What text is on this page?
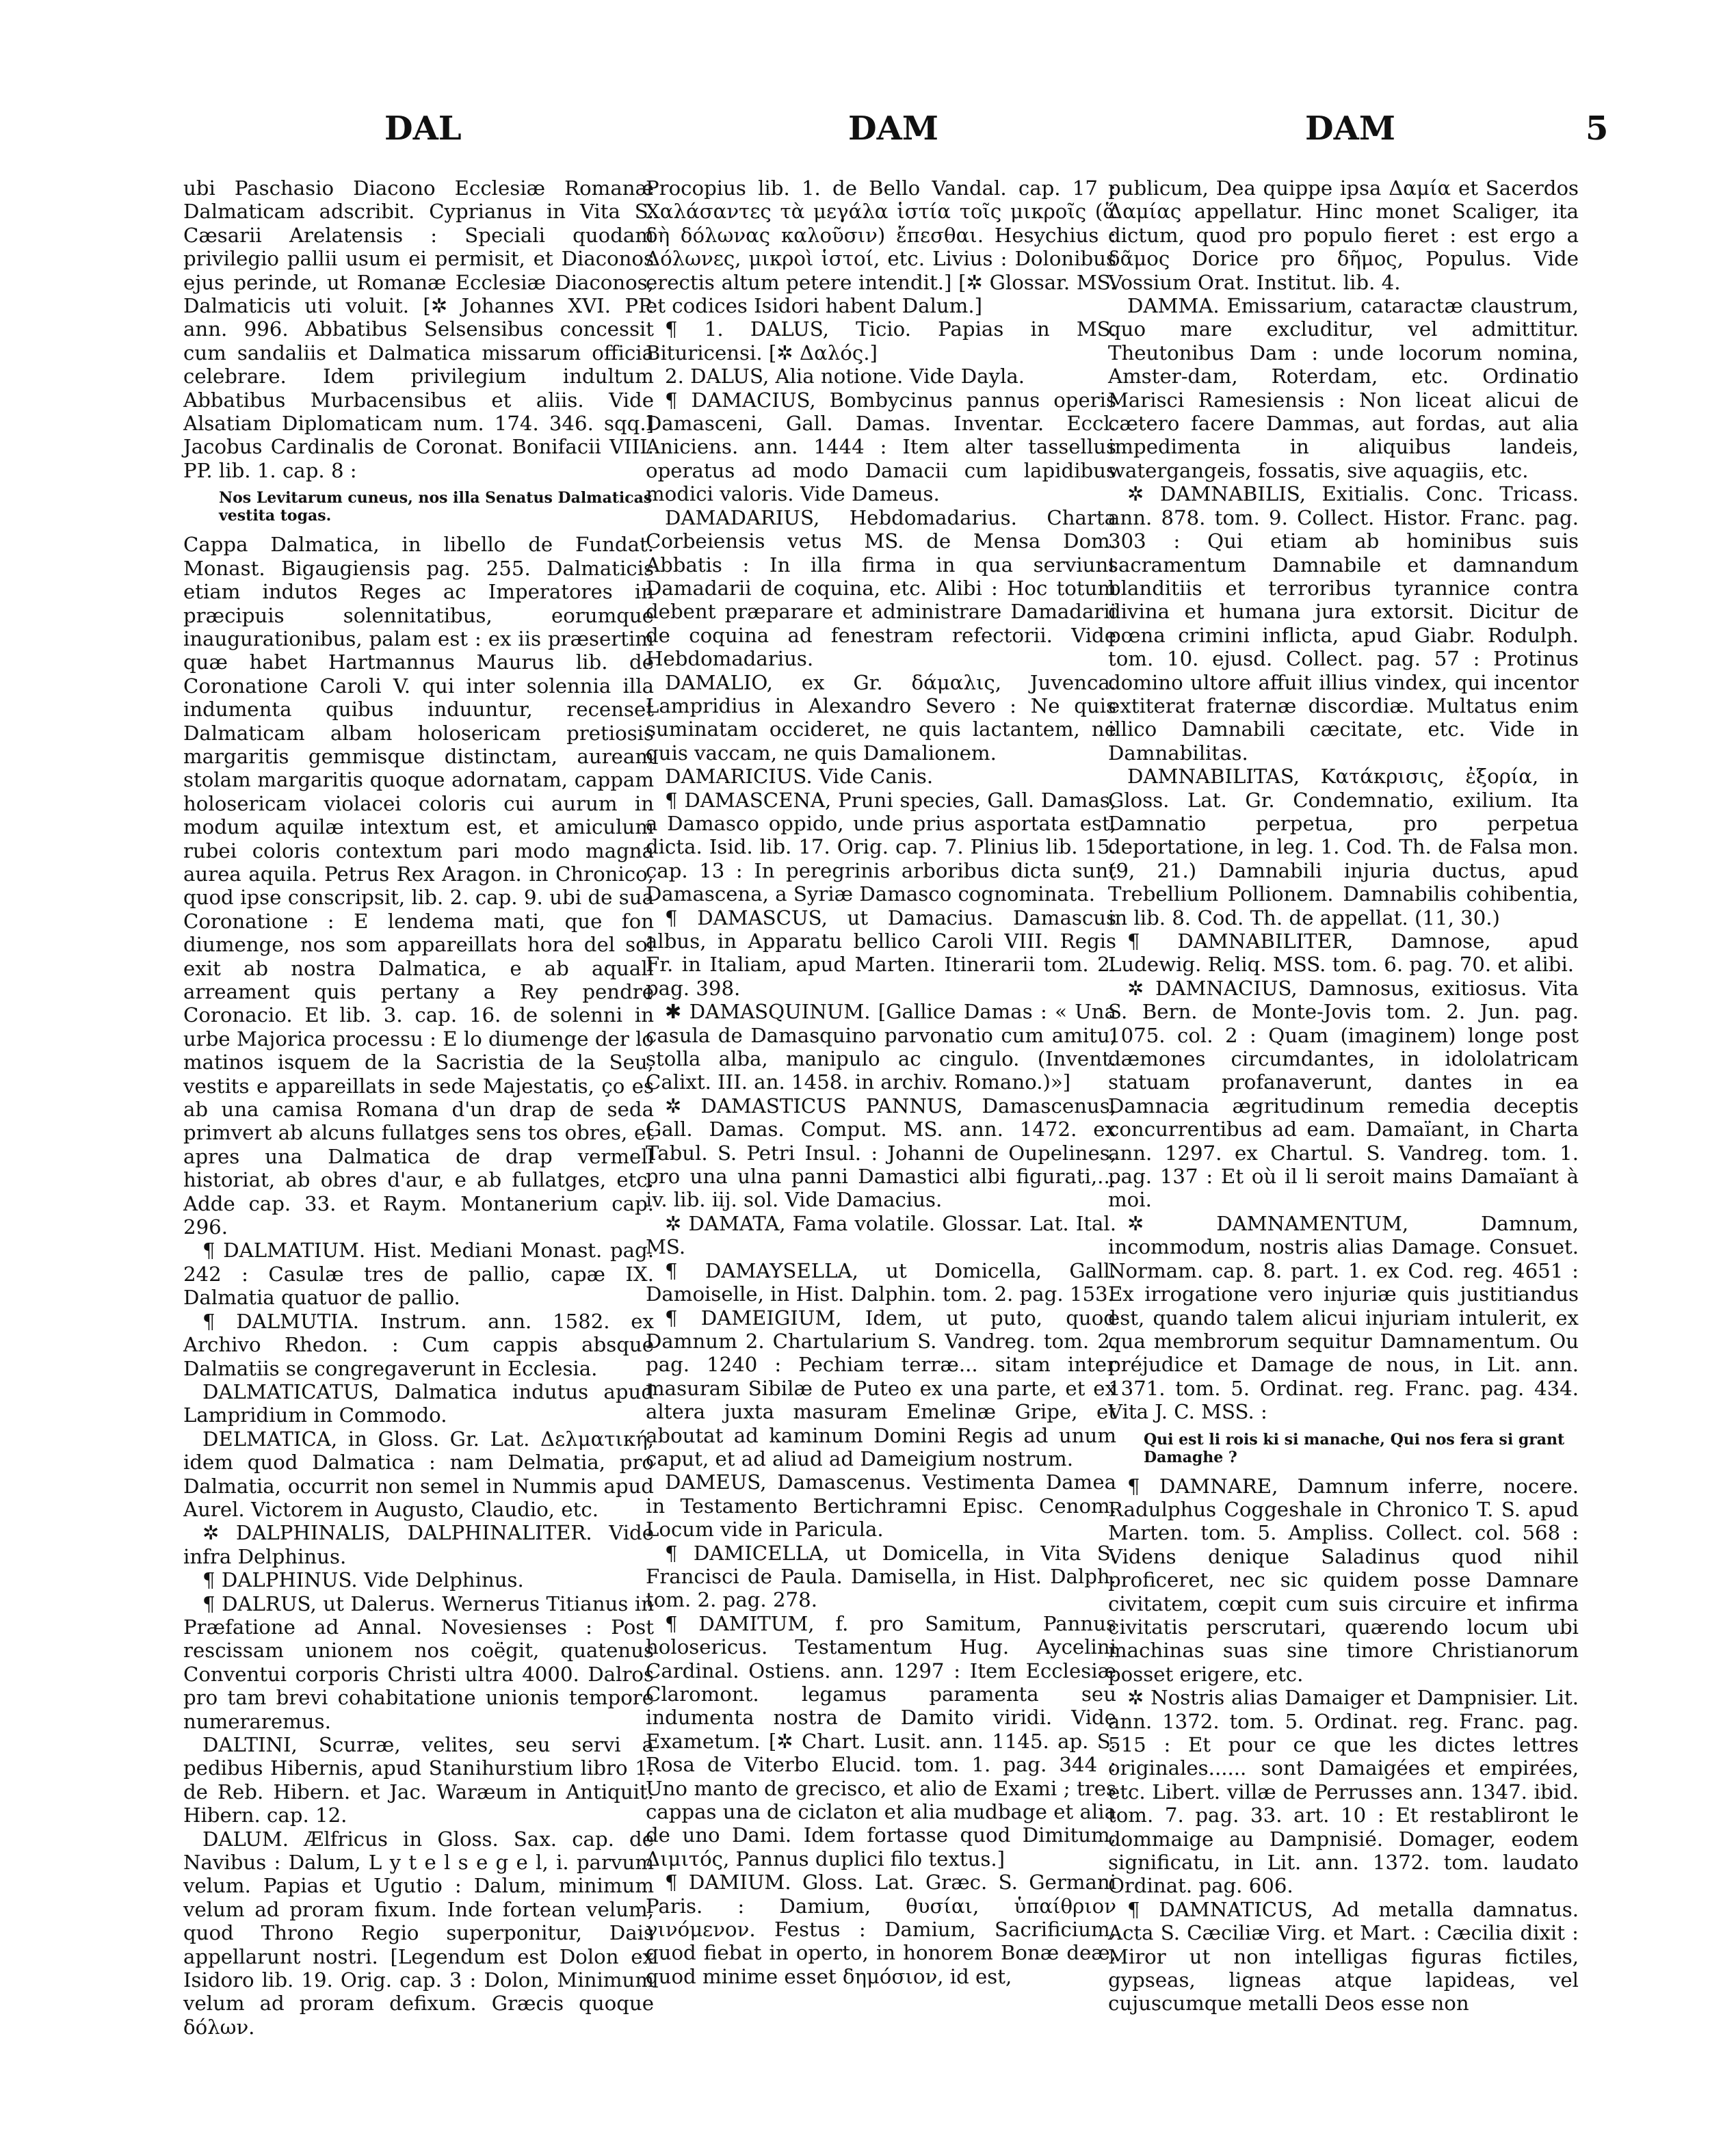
DAL	DAM	DAM	5

ubi Paschasio Diacono Ecclesiæ Romanæ Dalmaticam adscribit. Cyprianus in Vita S. Cæsarii Arelatensis : Speciali quodam privilegio pallii usum ei permisit, et Diaconos ejus perinde, ut Romanæ Ecclesiæ Diaconos, Dalmaticis uti voluit. [✲ Johannes XVI. PP. ann. 996. Abbatibus Selsensibus concessit cum sandaliis et Dalmatica missarum officia celebrare. Idem privilegium indultum Abbatibus Murbacensibus et aliis. Vide Alsatiam Diplomaticam num. 174. 346. sqq.] Jacobus Cardinalis de Coronat. Bonifacii VIII. PP. lib. 1. cap. 8 :

Nos Levitarum cuneus, nos illa Senatus Dalmaticas vestita togas.

Cappa Dalmatica, in libello de Fundat. Monast. Bigaugiensis pag. 255. Dalmaticis etiam indutos Reges ac Imperatores in præcipuis solennitatibus, eorumque inaugurationibus, palam est : ex iis præsertim quæ habet Hartmannus Maurus lib. de Coronatione Caroli V. qui inter solennia illa indumenta quibus induuntur, recenset Dalmaticam albam holosericam pretiosis margaritis gemmisque distinctam, auream stolam margaritis quoque adornatam, cappam holosericam violacei coloris cui aurum in modum aquilæ intextum est, et amiculum rubei coloris contextum pari modo magna aurea aquila. Petrus Rex Aragon. in Chronico, quod ipse conscripsit, lib. 2. cap. 9. ubi de sua Coronatione : E lendema mati, que fon diumenge, nos som appareillats hora del sol exit ab nostra Dalmatica, e ab aquall arreament quis pertany a Rey pendre Coronacio. Et lib. 3. cap. 16. de solenni in urbe Majorica processu : E lo diumenge der lo matinos isquem de la Sacristia de la Seu, vestits e appareillats in sede Majestatis, ço es ab una camisa Romana d'un drap de seda primvert ab alcuns fullatges sens tos obres, et apres una Dalmatica de drap vermell historiat, ab obres d'aur, e ab fullatges, etc. Adde cap. 33. et Raym. Montanerium cap. 296.

¶ DALMATIUM. Hist. Mediani Monast. pag. 242 : Casulæ tres de pallio, capæ IX. Dalmatia quatuor de pallio.

¶ DALMUTIA. Instrum. ann. 1582. ex Archivo Rhedon. : Cum cappis absque Dalmatiis se congregaverunt in Ecclesia.

DALMATICATUS, Dalmatica indutus apud Lampridium in Commodo.

DELMATICA, in Gloss. Gr. Lat. Δελματική, idem quod Dalmatica : nam Delmatia, pro Dalmatia, occurrit non semel in Nummis apud Aurel. Victorem in Augusto, Claudio, etc.

✲ DALPHINALIS, DALPHINALITER. Vide infra Delphinus.

¶ DALPHINUS. Vide Delphinus.

¶ DALRUS, ut Dalerus. Wernerus Titianus in Præfatione ad Annal. Novesienses : Post rescissam unionem nos coëgit, quatenus Conventui corporis Christi ultra 4000. Dalros pro tam brevi cohabitatione unionis tempore numeraremus.

DALTINI, Scurræ, velites, seu servi a pedibus Hibernis, apud Stanihurstium libro 1. de Reb. Hibern. et Jac. Waræum in Antiquit. Hibern. cap. 12.

DALUM. Ælfricus in Gloss. Sax. cap. de Navibus : Dalum, L y t e l s e g e l, i. parvum velum. Papias et Ugutio : Dalum, minimum velum ad proram fixum. Inde fortean velum, quod Throno Regio superponitur, Dais appellarunt nostri. [Legendum est Dolon ex Isidoro lib. 19. Orig. cap. 3 : Dolon, Minimum velum ad proram defixum. Græcis quoque δόλων.

Procopius lib. 1. de Bello Vandal. cap. 17 : Χαλάσαντες τὰ μεγάλα ἱστία τοῖς μικροῖς (ἅ δὴ δόλωνας καλοῦσιν) ἔπεσθαι. Hesychius : Δόλωνες, μικροὶ ἱστοί, etc. Livius : Dolonibus erectis altum petere intendit.] [✲ Glossar. MS. et codices Isidori habent Dalum.]

¶ 1. DALUS, Ticio. Papias in MS. Bituricensi. [✲ Δαλός.]

2. DALUS, Alia notione. Vide Dayla.

¶ DAMACIUS, Bombycinus pannus operis Damasceni, Gall. Damas. Inventar. Eccl. Aniciens. ann. 1444 : Item alter tassellus operatus ad modo Damacii cum lapidibus modici valoris. Vide Dameus.

DAMADARIUS, Hebdomadarius. Charta Corbeiensis vetus MS. de Mensa Dom. Abbatis : In illa firma in qua serviunt Damadarii de coquina, etc. Alibi : Hoc totum debent præparare et administrare Damadarii de coquina ad fenestram refectorii. Vide Hebdomadarius.

DAMALIO, ex Gr. δάμαλις, Juvenca. Lampridius in Alexandro Severo : Ne quis suminatam occideret, ne quis lactantem, ne quis vaccam, ne quis Damalionem.

DAMARICIUS. Vide Canis.

¶ DAMASCENA, Pruni species, Gall. Damas, a Damasco oppido, unde prius asportata est, dicta. Isid. lib. 17. Orig. cap. 7. Plinius lib. 15. cap. 13 : In peregrinis arboribus dicta sunt Damascena, a Syriæ Damasco cognominata.

¶ DAMASCUS, ut Damacius. Damascus albus, in Apparatu bellico Caroli VIII. Regis Fr. in Italiam, apud Marten. Itinerarii tom. 2. pag. 398.

✱ DAMASQUINUM. [Gallice Damas : « Una casula de Damasquino parvonatio cum amitu, stolla alba, manipulo ac cingulo. (Invent. Calixt. III. an. 1458. in archiv. Romano.)»]

✲ DAMASTICUS PANNUS, Damascenus, Gall. Damas. Comput. MS. ann. 1472. ex Tabul. S. Petri Insul. : Johanni de Oupelines, pro una ulna panni Damastici albi figurati,... iv. lib. iij. sol. Vide Damacius.

✲ DAMATA, Fama volatile. Glossar. Lat. Ital. MS.

¶ DAMAYSELLA, ut Domicella, Gall. Damoiselle, in Hist. Dalphin. tom. 2. pag. 153.

¶ DAMEIGIUM, Idem, ut puto, quod Damnum 2. Chartularium S. Vandreg. tom. 2. pag. 1240 : Pechiam terræ... sitam inter masuram Sibilæ de Puteo ex una parte, et ex altera juxta masuram Emelinæ Gripe, et aboutat ad kaminum Domini Regis ad unum caput, et ad aliud ad Dameigium nostrum.

DAMEUS, Damascenus. Vestimenta Damea in Testamento Bertichramni Episc. Cenom. Locum vide in Paricula.

¶ DAMICELLA, ut Domicella, in Vita S. Francisci de Paula. Damisella, in Hist. Dalph. tom. 2. pag. 278.

¶ DAMITUM, f. pro Samitum, Pannus holosericus. Testamentum Hug. Aycelini Cardinal. Ostiens. ann. 1297 : Item Ecclesiæ Claromont. legamus paramenta seu indumenta nostra de Damito viridi. Vide Exametum. [✲ Chart. Lusit. ann. 1145. ap. S. Rosa de Viterbo Elucid. tom. 1. pag. 344 : Uno manto de grecisco, et alio de Exami ; tres cappas una de ciclaton et alia mudbage et alia de uno Dami. Idem fortasse quod Dimitum, Διμιτός, Pannus duplici filo textus.]

¶ DAMIUM. Gloss. Lat. Græc. S. Germani Paris. : Damium, θυσίαι, ὑπαίθριον γινόμενον. Festus : Damium, Sacrificium, quod fiebat in operto, in honorem Bonæ deæ, quod minime esset δημόσιον, id est,

publicum, Dea quippe ipsa Δαμία et Sacerdos Δαμίας appellatur. Hinc monet Scaliger, ita dictum, quod pro populo fieret : est ergo a δᾶμος Dorice pro δῆμος, Populus. Vide Vossium Orat. Institut. lib. 4.

DAMMA. Emissarium, cataractæ claustrum, quo mare excluditur, vel admittitur. Theutonibus Dam : unde locorum nomina, Amster-dam, Roterdam, etc. Ordinatio Marisci Ramesiensis : Non liceat alicui de cætero facere Dammas, aut fordas, aut alia impedimenta in aliquibus landeis, watergangeis, fossatis, sive aquagiis, etc.

✲ DAMNABILIS, Exitialis. Conc. Tricass. ann. 878. tom. 9. Collect. Histor. Franc. pag. 303 : Qui etiam ab hominibus suis sacramentum Damnabile et damnandum blanditiis et terroribus tyrannice contra divina et humana jura extorsit. Dicitur de pœna crimini inflicta, apud Giabr. Rodulph. tom. 10. ejusd. Collect. pag. 57 : Protinus domino ultore affuit illius vindex, qui incentor extiterat fraternæ discordiæ. Multatus enim illico Damnabili cæcitate, etc. Vide in Damnabilitas.

DAMNABILITAS, Κατάκρισις, ἐξορία, in Gloss. Lat. Gr. Condemnatio, exilium. Ita Damnatio perpetua, pro perpetua deportatione, in leg. 1. Cod. Th. de Falsa mon. (9, 21.) Damnabili injuria ductus, apud Trebellium Pollionem. Damnabilis cohibentia, in lib. 8. Cod. Th. de appellat. (11, 30.)

¶ DAMNABILITER, Damnose, apud Ludewig. Reliq. MSS. tom. 6. pag. 70. et alibi.

✲ DAMNACIUS, Damnosus, exitiosus. Vita S. Bern. de Monte-Jovis tom. 2. Jun. pag. 1075. col. 2 : Quam (imaginem) longe post dæmones circumdantes, in idololatricam statuam profanaverunt, dantes in ea Damnacia ægritudinum remedia deceptis concurrentibus ad eam. Damaïant, in Charta ann. 1297. ex Chartul. S. Vandreg. tom. 1. pag. 137 : Et où il li seroit mains Damaïant à moi.

✲ DAMNAMENTUM, Damnum, incommodum, nostris alias Damage. Consuet. Normam. cap. 8. part. 1. ex Cod. reg. 4651 : Ex irrogatione vero injuriæ quis justitiandus est, quando talem alicui injuriam intulerit, ex qua membrorum sequitur Damnamentum. Ou préjudice et Damage de nous, in Lit. ann. 1371. tom. 5. Ordinat. reg. Franc. pag. 434. Vita J. C. MSS. :

Qui est li rois ki si manache, Qui nos fera si grant Damaghe ?

¶ DAMNARE, Damnum inferre, nocere. Radulphus Coggeshale in Chronico T. S. apud Marten. tom. 5. Ampliss. Collect. col. 568 : Videns denique Saladinus quod nihil proficeret, nec sic quidem posse Damnare civitatem, cœpit cum suis circuire et infirma civitatis perscrutari, quærendo locum ubi machinas suas sine timore Christianorum posset erigere, etc.

✲ Nostris alias Damaiger et Dampnisier. Lit. ann. 1372. tom. 5. Ordinat. reg. Franc. pag. 515 : Et pour ce que les dictes lettres originales...... sont Damaigées et empirées, etc. Libert. villæ de Perrusses ann. 1347. ibid. tom. 7. pag. 33. art. 10 : Et restabliront le dommaige au Dampnisié. Domager, eodem significatu, in Lit. ann. 1372. tom. laudato Ordinat. pag. 606.

¶ DAMNATICUS, Ad metalla damnatus. Acta S. Cæciliæ Virg. et Mart. : Cæcilia dixit : Miror ut non intelligas figuras fictiles, gypseas, ligneas atque lapideas, vel cujuscumque metalli Deos esse non
